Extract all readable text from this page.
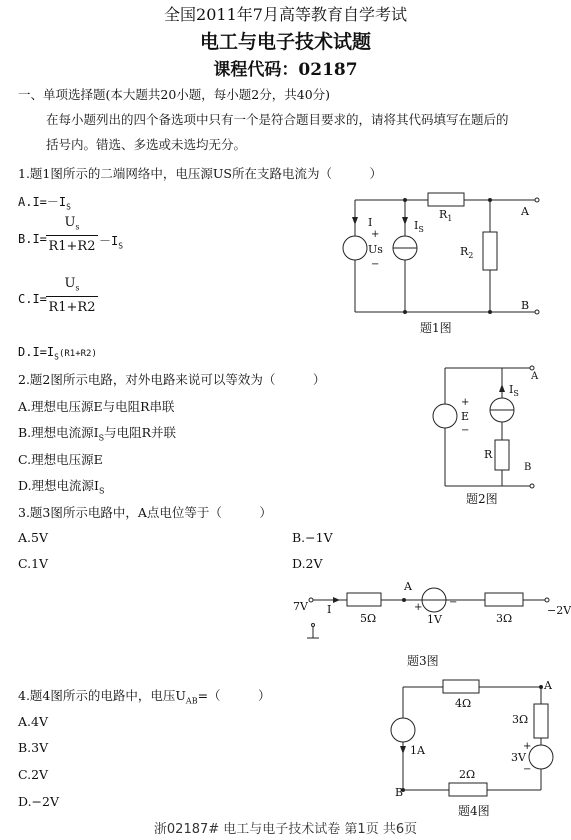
全国2011年7月高等教育自学考试
电工与电子技术试题
课程代码：02187
一、单项选择题(本大题共20小题，每小题2分，共40分)
在每小题列出的四个备选项中只有一个是符合题目要求的，请将其代码填写在题后的
括号内。错选、多选或未选均无分。
1.题1图所示的二端网络中，电压源US所在支路电流为（　　　）
$A.I=-I_S$
B.I=
$U_s$
$R1+R2 -I_S$
C.I=
$U_s$
R1+R2
$D.I=I_S(R1+R2)$
I
+
Us
−
$I_S$
$R_1$
$R_2$
A
B
题1图
2.题2图所示电路，对外电路来说可以等效为（　　　）
A.理想电压源E与电阻R串联
B.理想电流源$I_S$与电阻R并联
C.理想电压源E
D.理想电流源$I_S$
+
E
−
$I_S$
R
A
B
题2图
3.题3图所示电路中，A点电位等于（　　　）
A.5V	B.−1V
C.1V	D.2V
7V I
5Ω
A
+	−
1V	3Ω
−2V
题3图
4.题4图所示的电路中，电压$U_{AB}=$（　　　）
A.4V
B.3V
C.2V
D.−2V
4Ω
3Ω
+
3V
−
1A
2Ω
A
B
题4图
浙02187# 电工与电子技术试卷 第1页 共6页
